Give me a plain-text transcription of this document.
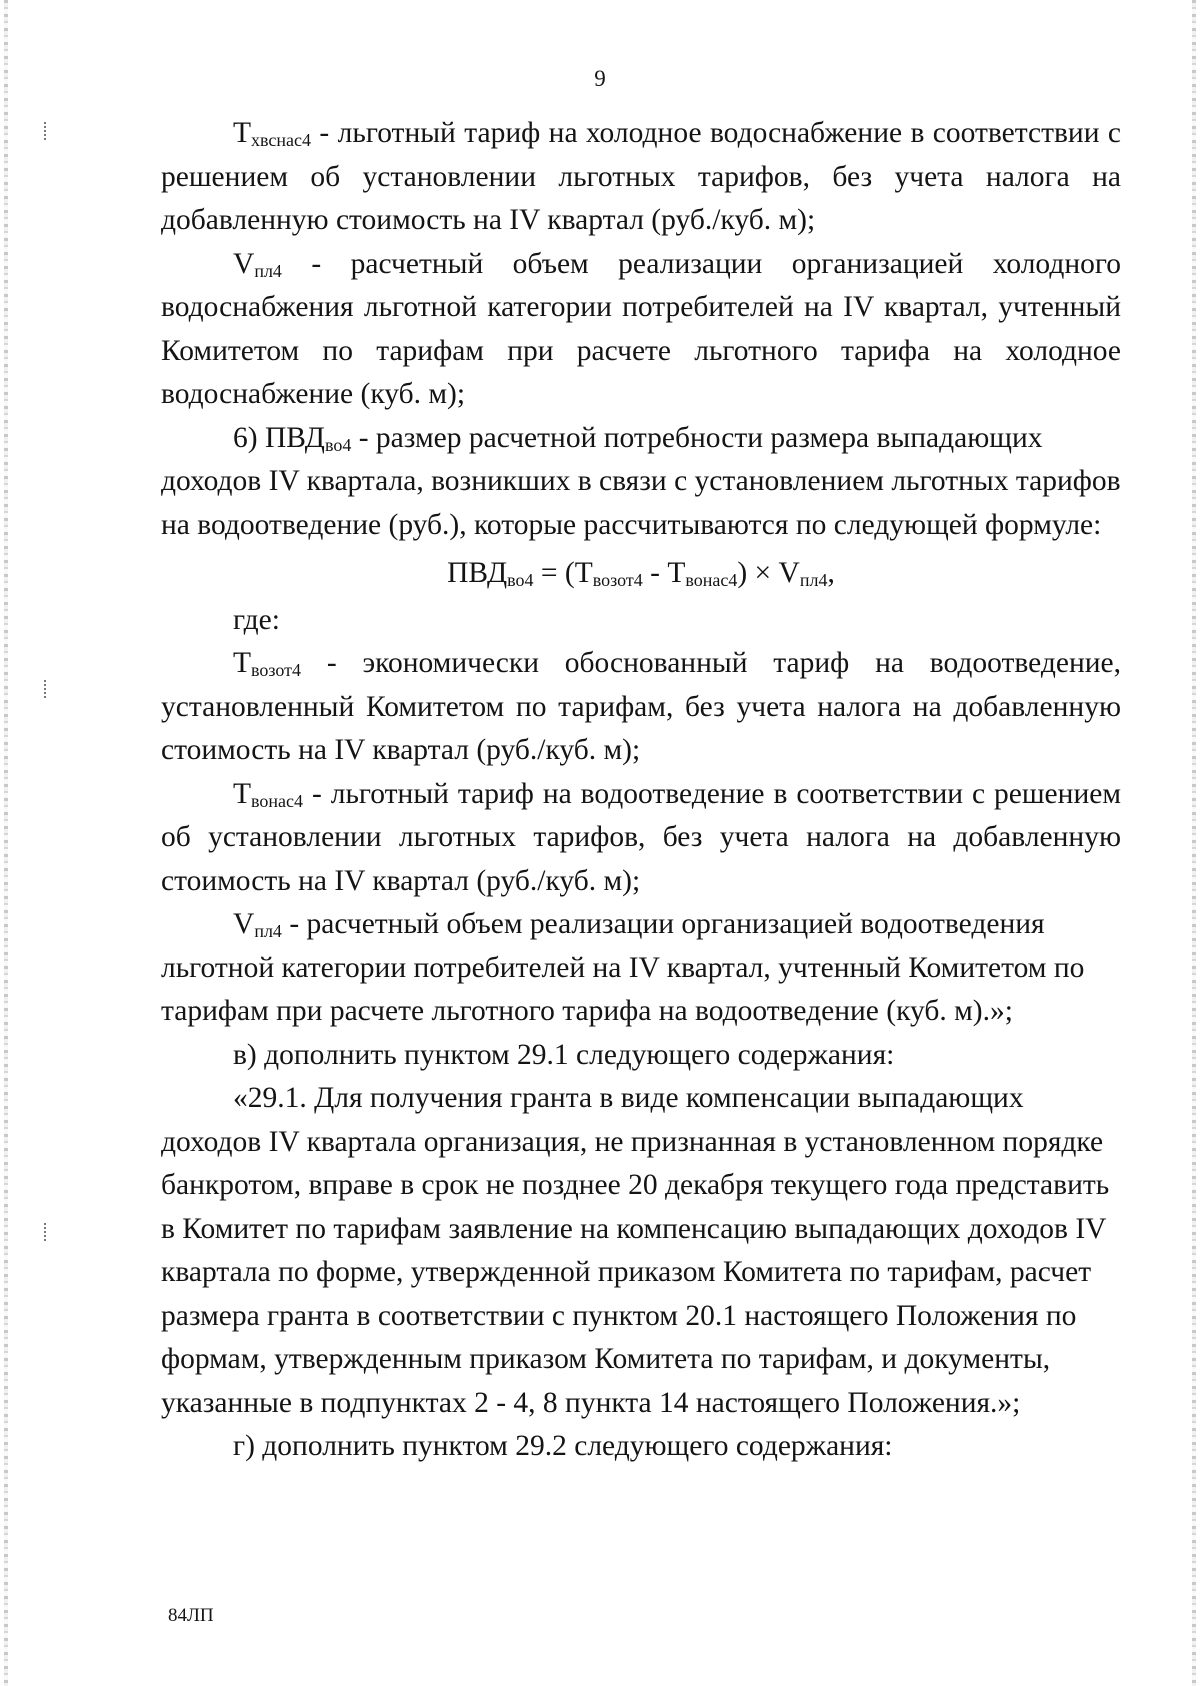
9

$Т_{хвснас4}$ - льготный тариф на холодное водоснабжение в соответствии с решением об установлении льготных тарифов, без учета налога на добавленную стоимость на IV квартал (руб./куб. м);

$V_{пл4}$ - расчетный объем реализации организацией холодного водоснабжения льготной категории потребителей на IV квартал, учтенный Комитетом по тарифам при расчете льготного тарифа на холодное водоснабжение (куб. м);

6) $ПВД_{во4}$ - размер расчетной потребности размера выпадающих доходов IV квартала, возникших в связи с установлением льготных тарифов на водоотведение (руб.), которые рассчитываются по следующей формуле:

$ПВД_{во4} = (Т_{возот4} - Т_{вонас4}) \times V_{пл4}$,

где:

$Т_{возот4}$ - экономически обоснованный тариф на водоотведение, установленный Комитетом по тарифам, без учета налога на добавленную стоимость на IV квартал (руб./куб. м);

$Т_{вонас4}$ - льготный тариф на водоотведение в соответствии с решением об установлении льготных тарифов, без учета налога на добавленную стоимость на IV квартал (руб./куб. м);

$V_{пл4}$ - расчетный объем реализации организацией водоотведения льготной категории потребителей на IV квартал, учтенный Комитетом по тарифам при расчете льготного тарифа на водоотведение (куб. м).»;

в) дополнить пунктом 29.1 следующего содержания:

«29.1. Для получения гранта в виде компенсации выпадающих доходов IV квартала организация, не признанная в установленном порядке банкротом, вправе в срок не позднее 20 декабря текущего года представить в Комитет по тарифам заявление на компенсацию выпадающих доходов IV квартала по форме, утвержденной приказом Комитета по тарифам, расчет размера гранта в соответствии с пунктом 20.1 настоящего Положения по формам, утвержденным приказом Комитета по тарифам, и документы, указанные в подпунктах 2 - 4, 8 пункта 14 настоящего Положения.»;

г) дополнить пунктом 29.2 следующего содержания:

84ЛП
